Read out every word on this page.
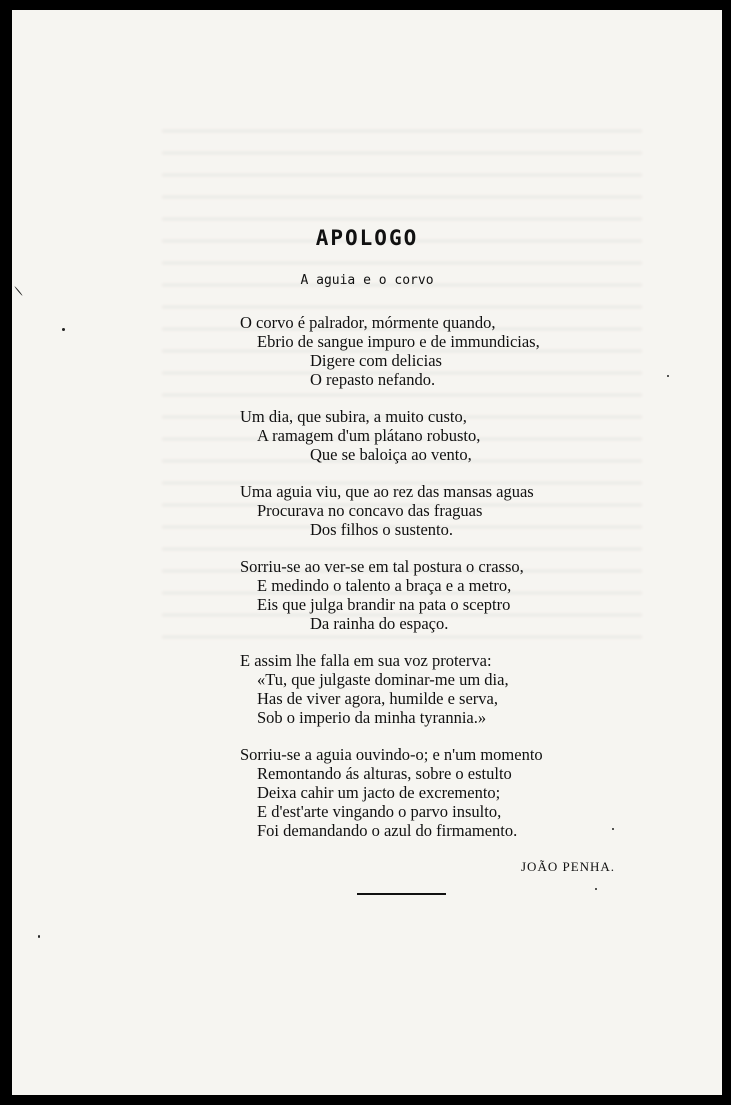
APOLOGO
A aguia e o corvo
O corvo é palrador, mórmente quando,
Ebrio de sangue impuro e de immundicias,
Digere com delicias
O repasto nefando.
Um dia, que subira, a muito custo,
A ramagem d'um plátano robusto,
Que se baloiça ao vento,
Uma aguia viu, que ao rez das mansas aguas
Procurava no concavo das fraguas
Dos filhos o sustento.
Sorriu-se ao ver-se em tal postura o crasso,
E medindo o talento a braça e a metro,
Eis que julga brandir na pata o sceptro
Da rainha do espaço.
E assim lhe falla em sua voz proterva:
«Tu, que julgaste dominar-me um dia,
Has de viver agora, humilde e serva,
Sob o imperio da minha tyrannia.»
Sorriu-se a aguia ouvindo-o; e n'um momento
Remontando ás alturas, sobre o estulto
Deixa cahir um jacto de excremento;
E d'est'arte vingando o parvo insulto,
Foi demandando o azul do firmamento.
JOÃO PENHA.
